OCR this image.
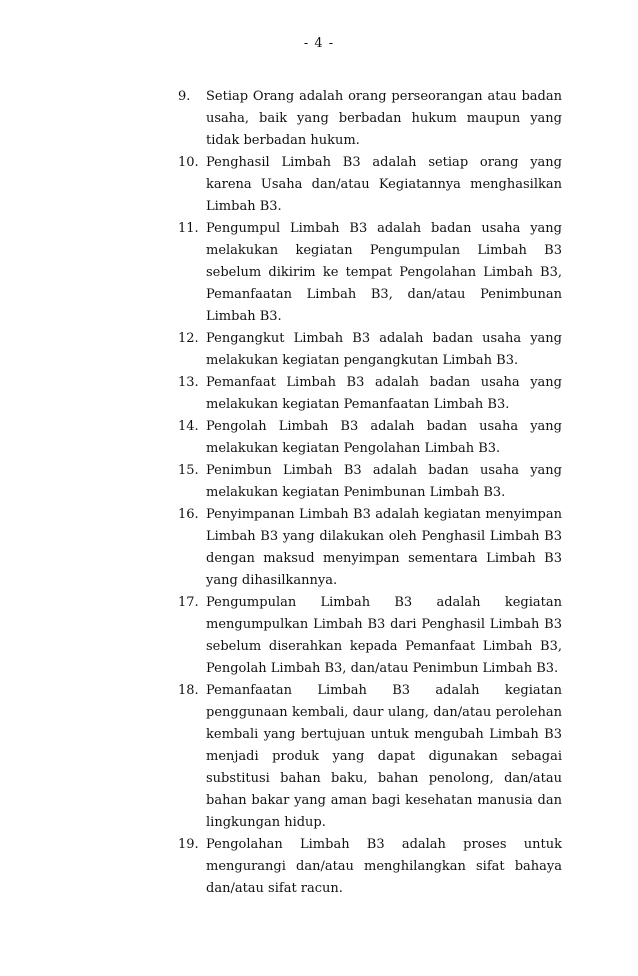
- 4 -
9.	Setiap Orang adalah orang perseorangan atau badan usaha, baik yang berbadan hukum maupun yang tidak berbadan hukum.
10. Penghasil Limbah B3 adalah setiap orang yang karena Usaha dan/atau Kegiatannya menghasilkan Limbah B3.
11. Pengumpul Limbah B3 adalah badan usaha yang melakukan kegiatan Pengumpulan Limbah B3 sebelum dikirim ke tempat Pengolahan Limbah B3, Pemanfaatan Limbah B3, dan/atau Penimbunan Limbah B3.
12. Pengangkut Limbah B3 adalah badan usaha yang melakukan kegiatan pengangkutan Limbah B3.
13. Pemanfaat Limbah B3 adalah badan usaha yang melakukan kegiatan Pemanfaatan Limbah B3.
14. Pengolah Limbah B3 adalah badan usaha yang melakukan kegiatan Pengolahan Limbah B3.
15. Penimbun Limbah B3 adalah badan usaha yang melakukan kegiatan Penimbunan Limbah B3.
16. Penyimpanan Limbah B3 adalah kegiatan menyimpan Limbah B3 yang dilakukan oleh Penghasil Limbah B3 dengan maksud menyimpan sementara Limbah B3 yang dihasilkannya.
17. Pengumpulan Limbah B3 adalah kegiatan mengumpulkan Limbah B3 dari Penghasil Limbah B3 sebelum diserahkan kepada Pemanfaat Limbah B3, Pengolah Limbah B3, dan/atau Penimbun Limbah B3.
18. Pemanfaatan Limbah B3 adalah kegiatan penggunaan kembali, daur ulang, dan/atau perolehan kembali yang bertujuan untuk mengubah Limbah B3 menjadi produk yang dapat digunakan sebagai substitusi bahan baku, bahan penolong, dan/atau bahan bakar yang aman bagi kesehatan manusia dan lingkungan hidup.
19. Pengolahan Limbah B3 adalah proses untuk mengurangi dan/atau menghilangkan sifat bahaya dan/atau sifat racun.
